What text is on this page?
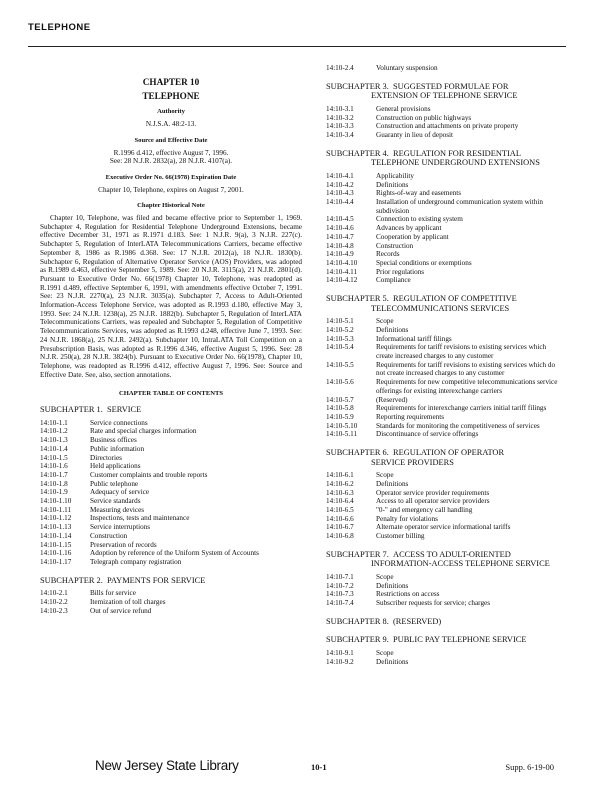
TELEPHONE
CHAPTER 10
TELEPHONE
Authority
N.J.S.A. 48:2-13.
Source and Effective Date
R.1996 d.412, effective August 7, 1996.
See: 28 N.J.R. 2832(a), 28 N.J.R. 4107(a).
Executive Order No. 66(1978) Expiration Date
Chapter 10, Telephone, expires on August 7, 2001.
Chapter Historical Note
Chapter 10, Telephone, was filed and became effective prior to September 1, 1969. Subchapter 4, Regulation for Residential Telephone Underground Extensions, became effective December 31, 1971 as R.1971 d.183. See: 1 N.J.R. 9(a), 3 N.J.R. 227(c). Subchapter 5, Regulation of InterLATA Telecommunications Carriers, became effective September 8, 1986 as R.1986 d.368. See: 17 N.J.R. 2012(a), 18 N.J.R. 1830(b). Subchapter 6, Regulation of Alternative Operator Service (AOS) Providers, was adopted as R.1989 d.463, effective September 5, 1989. See: 20 N.J.R. 3115(a), 21 N.J.R. 2801(d). Pursuant to Executive Order No. 66(1978) Chapter 10, Telephone, was readopted as R.1991 d.489, effective September 6, 1991, with amendments effective October 7, 1991. See: 23 N.J.R. 2270(a), 23 N.J.R. 3035(a). Subchapter 7, Access to Adult-Oriented Information-Access Telephone Service, was adopted as R.1993 d.180, effective May 3, 1993. See: 24 N.J.R. 1238(a), 25 N.J.R. 1882(b). Subchapter 5, Regulation of InterLATA Telecommunications Carriers, was repealed and Subchapter 5, Regulation of Competitive Telecommunications Services, was adopted as R.1993 d.248, effective June 7, 1993. See: 24 N.J.R. 1868(a), 25 N.J.R. 2492(a). Subchapter 10, IntraLATA Toll Competition on a Presubscription Basis, was adopted as R.1996 d.346, effective August 5, 1996. See: 28 N.J.R. 250(a), 28 N.J.R. 3824(b). Pursuant to Executive Order No. 66(1978), Chapter 10, Telephone, was readopted as R.1996 d.412, effective August 7, 1996. See: Source and Effective Date. See, also, section annotations.
CHAPTER TABLE OF CONTENTS
SUBCHAPTER 1. SERVICE
14:10-1.1	Service connections
14:10-1.2	Rate and special charges information
14:10-1.3	Business offices
14:10-1.4	Public information
14:10-1.5	Directories
14:10-1.6	Held applications
14:10-1.7	Customer complaints and trouble reports
14:10-1.8	Public telephone
14:10-1.9	Adequacy of service
14:10-1.10	Service standards
14:10-1.11	Measuring devices
14:10-1.12	Inspections, tests and maintenance
14:10-1.13	Service interruptions
14:10-1.14	Construction
14:10-1.15	Preservation of records
14:10-1.16	Adoption by reference of the Uniform System of Accounts
14:10-1.17	Telegraph company registration
SUBCHAPTER 2. PAYMENTS FOR SERVICE
14:10-2.1	Bills for service
14:10-2.2	Itemization of toll charges
14:10-2.3	Out of service refund
14:10-2.4	Voluntary suspension
SUBCHAPTER 3. SUGGESTED FORMULAE FOR
EXTENSION OF TELEPHONE SERVICE
14:10-3.1	General provisions
14:10-3.2	Construction on public highways
14:10-3.3	Construction and attachments on private property
14:10-3.4	Guaranty in lieu of deposit
SUBCHAPTER 4. REGULATION FOR RESIDENTIAL
TELEPHONE UNDERGROUND EXTENSIONS
14:10-4.1	Applicability
14:10-4.2	Definitions
14:10-4.3	Rights-of-way and easements
14:10-4.4	Installation of underground communication system within subdivision
14:10-4.5	Connection to existing system
14:10-4.6	Advances by applicant
14:10-4.7	Cooperation by applicant
14:10-4.8	Construction
14:10-4.9	Records
14:10-4.10	Special conditions or exemptions
14:10-4.11	Prior regulations
14:10-4.12	Compliance
SUBCHAPTER 5. REGULATION OF COMPETITIVE
TELECOMMUNICATIONS SERVICES
14:10-5.1	Scope
14:10-5.2	Definitions
14:10-5.3	Informational tariff filings
14:10-5.4	Requirements for tariff revisions to existing services which create increased charges to any customer
14:10-5.5	Requirements for tariff revisions to existing services which do not create increased charges to any customer
14:10-5.6	Requirements for new competitive telecommunications service offerings for existing interexchange carriers
14:10-5.7	(Reserved)
14:10-5.8	Requirements for interexchange carriers initial tariff filings
14:10-5.9	Reporting requirements
14:10-5.10	Standards for monitoring the competitiveness of services
14:10-5.11	Discontinuance of service offerings
SUBCHAPTER 6. REGULATION OF OPERATOR
SERVICE PROVIDERS
14:10-6.1	Scope
14:10-6.2	Definitions
14:10-6.3	Operator service provider requirements
14:10-6.4	Access to all operator service providers
14:10-6.5	"0-" and emergency call handling
14:10-6.6	Penalty for violations
14:10-6.7	Alternate operator service informational tariffs
14:10-6.8	Customer billing
SUBCHAPTER 7. ACCESS TO ADULT-ORIENTED
INFORMATION-ACCESS TELEPHONE SERVICE
14:10-7.1	Scope
14:10-7.2	Definitions
14:10-7.3	Restrictions on access
14:10-7.4	Subscriber requests for service; charges
SUBCHAPTER 8. (RESERVED)
SUBCHAPTER 9. PUBLIC PAY TELEPHONE SERVICE
14:10-9.1	Scope
14:10-9.2	Definitions
New Jersey State Library	10-1	Supp. 6-19-00
